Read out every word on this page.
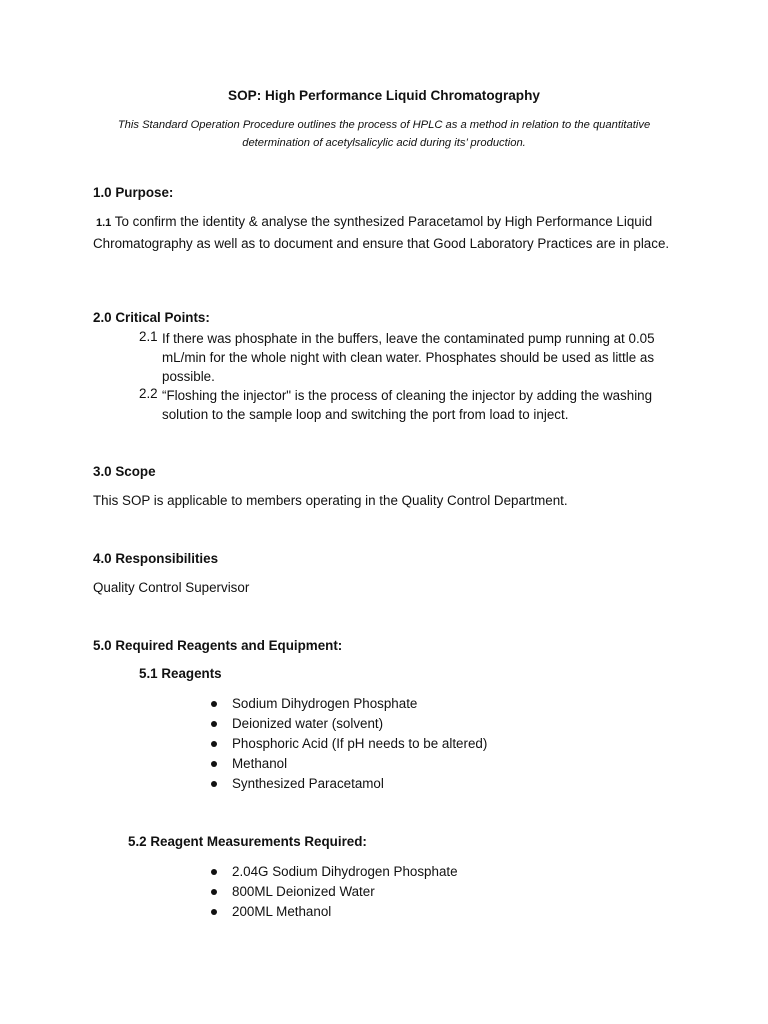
SOP: High Performance Liquid Chromatography
This Standard Operation Procedure outlines the process of HPLC as a method in relation to the quantitative determination of acetylsalicylic acid during its’ production.
1.0 Purpose:
1.1 To confirm the identity & analyse the synthesized Paracetamol by High Performance Liquid Chromatography as well as to document and ensure that Good Laboratory Practices are in place.
2.0 Critical Points:
2.1 If there was phosphate in the buffers, leave the contaminated pump running at 0.05 mL/min for the whole night with clean water. Phosphates should be used as little as possible.
2.2 “Floshing the injector" is the process of cleaning the injector by adding the washing solution to the sample loop and switching the port from load to inject.
3.0 Scope
This SOP is applicable to members operating in the Quality Control Department.
4.0 Responsibilities
Quality Control Supervisor
5.0 Required Reagents and Equipment:
5.1 Reagents
Sodium Dihydrogen Phosphate
Deionized water (solvent)
Phosphoric Acid (If pH needs to be altered)
Methanol
Synthesized Paracetamol
5.2 Reagent Measurements Required:
2.04G Sodium Dihydrogen Phosphate
800ML Deionized Water
200ML Methanol
